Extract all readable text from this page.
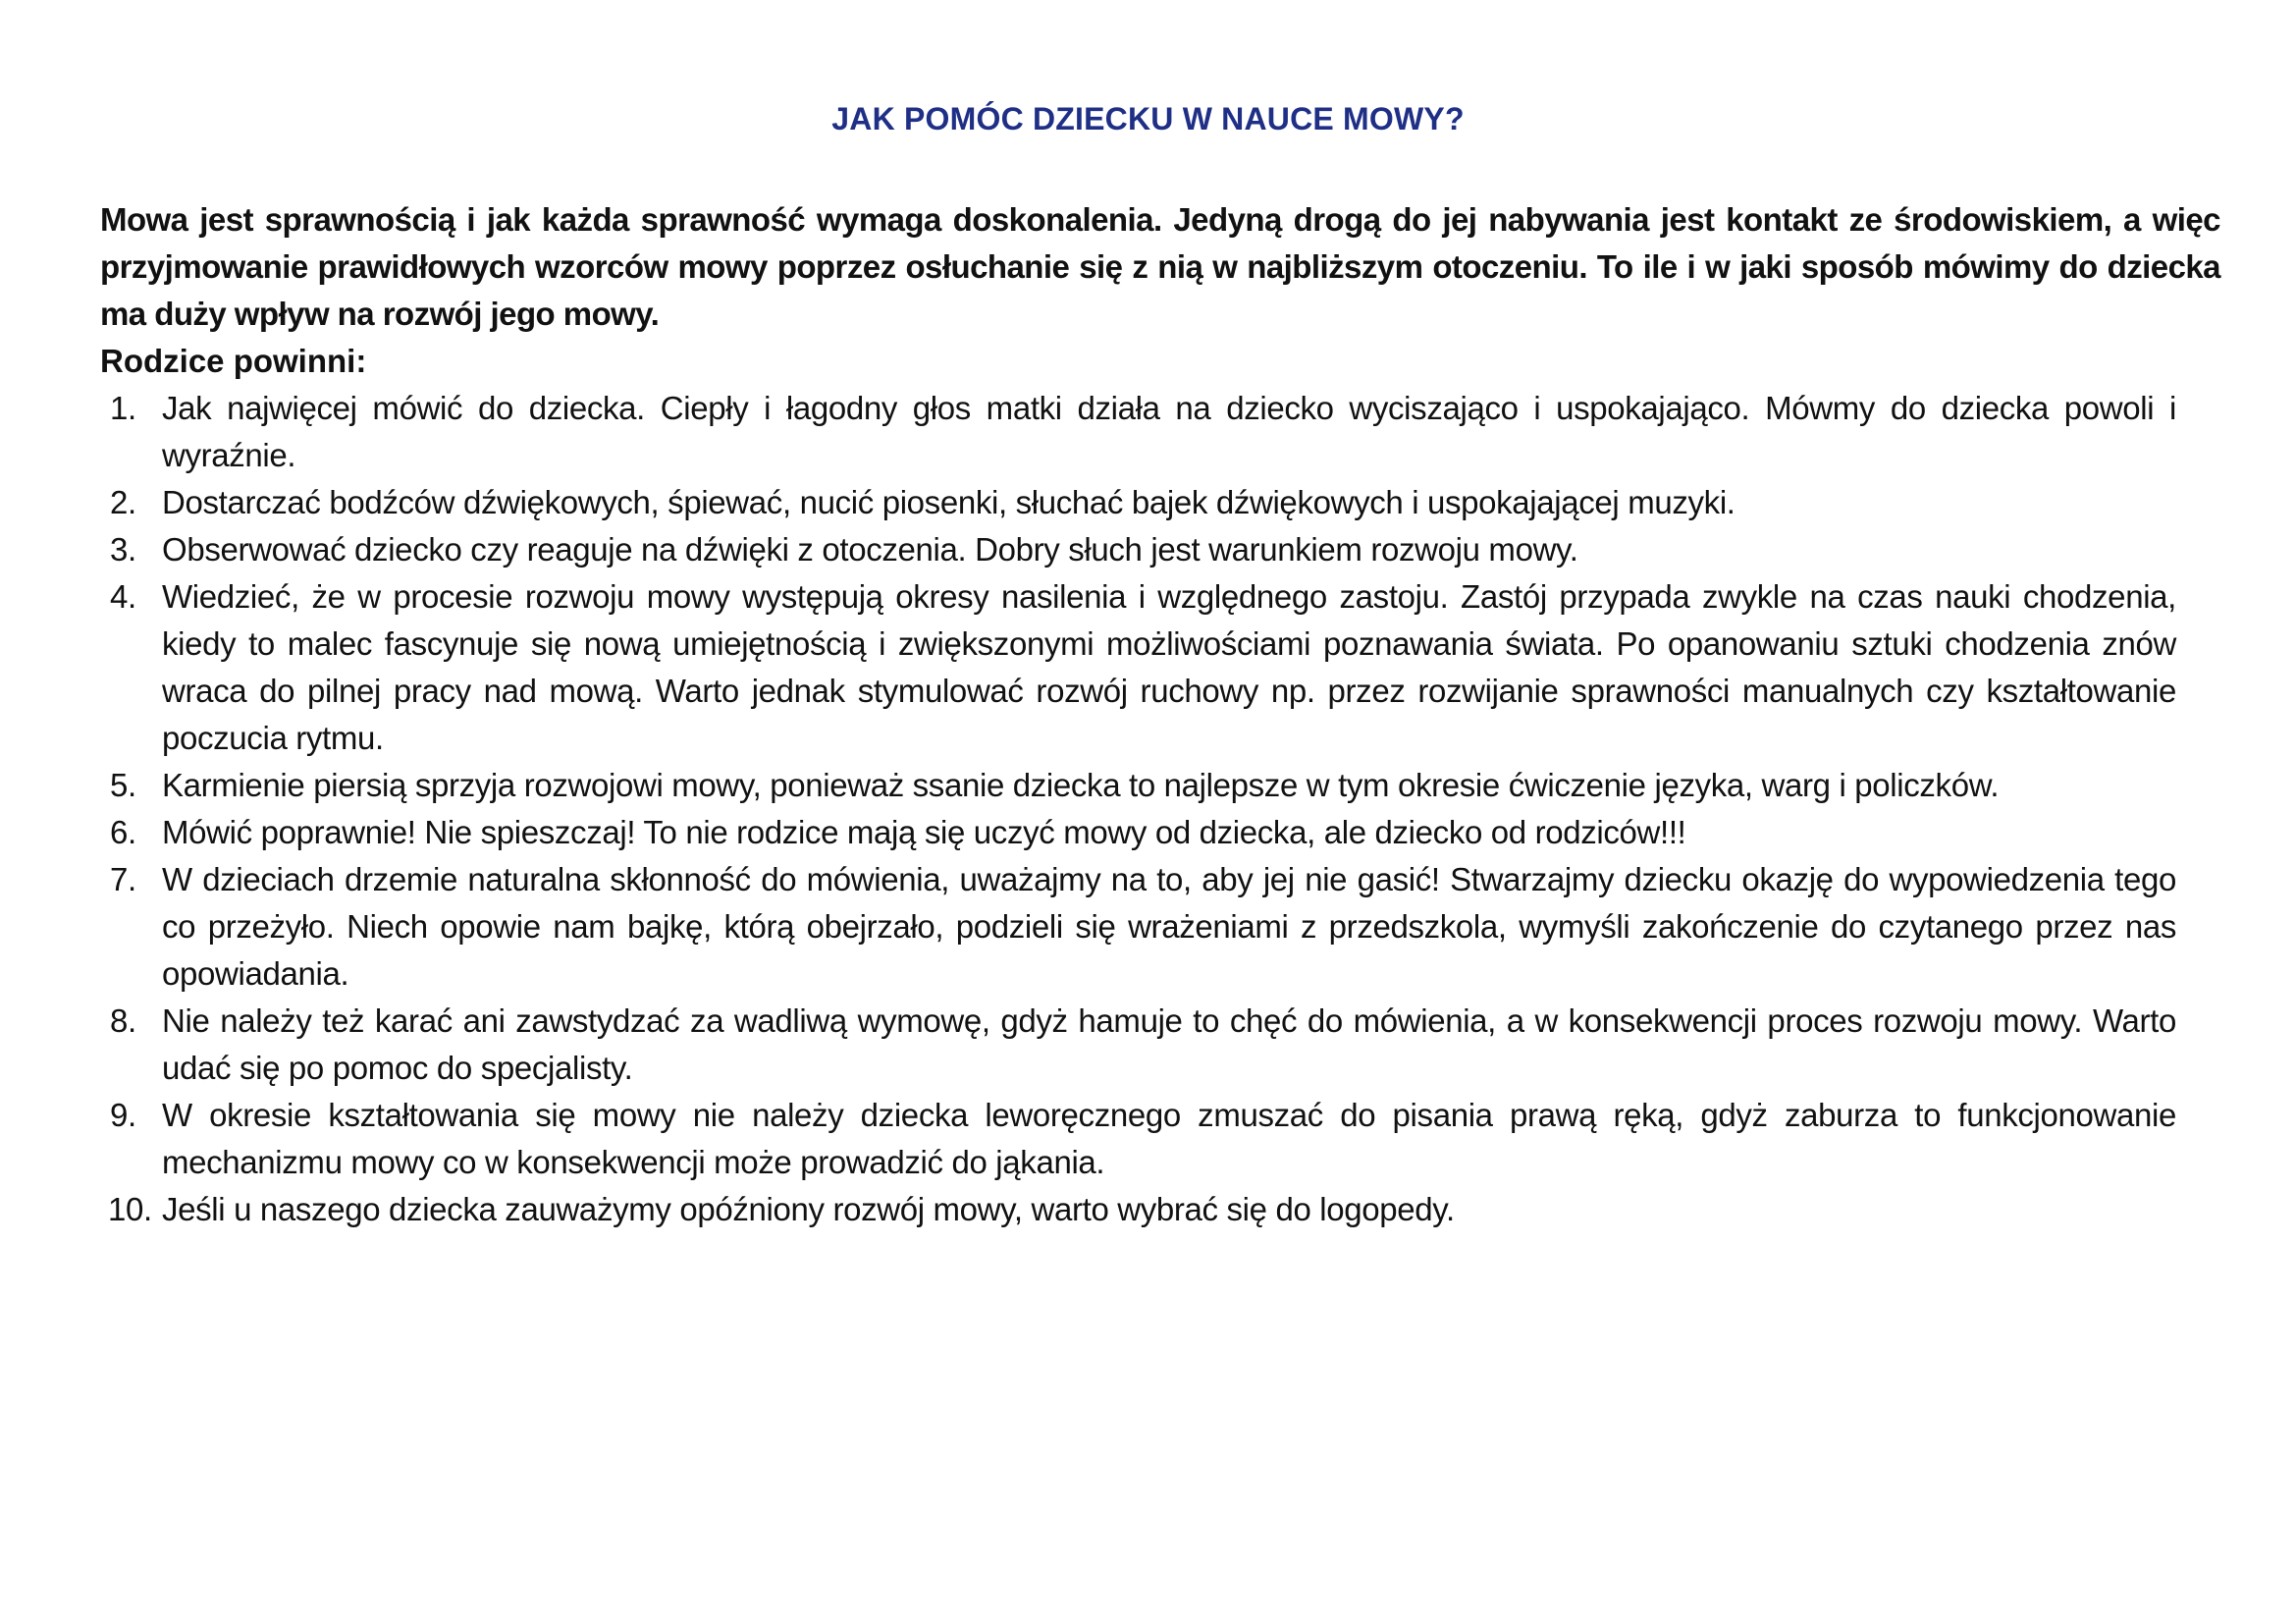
JAK POMÓC DZIECKU W NAUCE MOWY?
Mowa jest sprawnością i jak każda sprawność wymaga doskonalenia. Jedyną drogą do jej nabywania jest kontakt ze środowiskiem, a więc przyjmowanie prawidłowych wzorców mowy poprzez osłuchanie się z nią w najbliższym otoczeniu. To ile i w jaki sposób mówimy do dziecka ma duży wpływ na rozwój jego mowy.
Rodzice powinni:
1. Jak najwięcej mówić do dziecka. Ciepły i łagodny głos matki działa na dziecko wyciszająco i uspokajająco. Mówmy do dziecka powoli i wyraźnie.
2. Dostarczać bodźców dźwiękowych, śpiewać, nucić piosenki, słuchać bajek dźwiękowych i uspokajającej muzyki.
3. Obserwować dziecko czy reaguje na dźwięki z otoczenia. Dobry słuch jest warunkiem rozwoju mowy.
4. Wiedzieć, że w procesie rozwoju mowy występują okresy nasilenia i względnego zastoju. Zastój przypada zwykle na czas nauki chodzenia, kiedy to malec fascynuje się nową umiejętnością i zwiększonymi możliwościami poznawania świata. Po opanowaniu sztuki chodzenia znów wraca do pilnej pracy nad mową. Warto jednak stymulować rozwój ruchowy np. przez rozwijanie sprawności manualnych czy kształtowanie poczucia rytmu.
5. Karmienie piersią sprzyja rozwojowi mowy, ponieważ ssanie dziecka to najlepsze w tym okresie ćwiczenie języka, warg i policzków.
6. Mówić poprawnie! Nie spieszczaj! To nie rodzice mają się uczyć mowy od dziecka, ale dziecko od rodziców!!!
7. W dzieciach drzemie naturalna skłonność do mówienia, uważajmy na to, aby jej nie gasić! Stwarzajmy dziecku okazję do wypowiedzenia tego co przeżyło. Niech opowie nam bajkę, którą obejrzało, podzieli się wrażeniami z przedszkola, wymyśli zakończenie do czytanego przez nas opowiadania.
8. Nie należy też karać ani zawstydzać za wadliwą wymowę, gdyż hamuje to chęć do mówienia, a w konsekwencji proces rozwoju mowy. Warto udać się po pomoc do specjalisty.
9. W okresie kształtowania się mowy nie należy dziecka leworęcznego zmuszać do pisania prawą ręką, gdyż zaburza to funkcjonowanie mechanizmu mowy co w konsekwencji może prowadzić do jąkania.
10. Jeśli u naszego dziecka zauważymy opóźniony rozwój mowy, warto wybrać się do logopedy.
